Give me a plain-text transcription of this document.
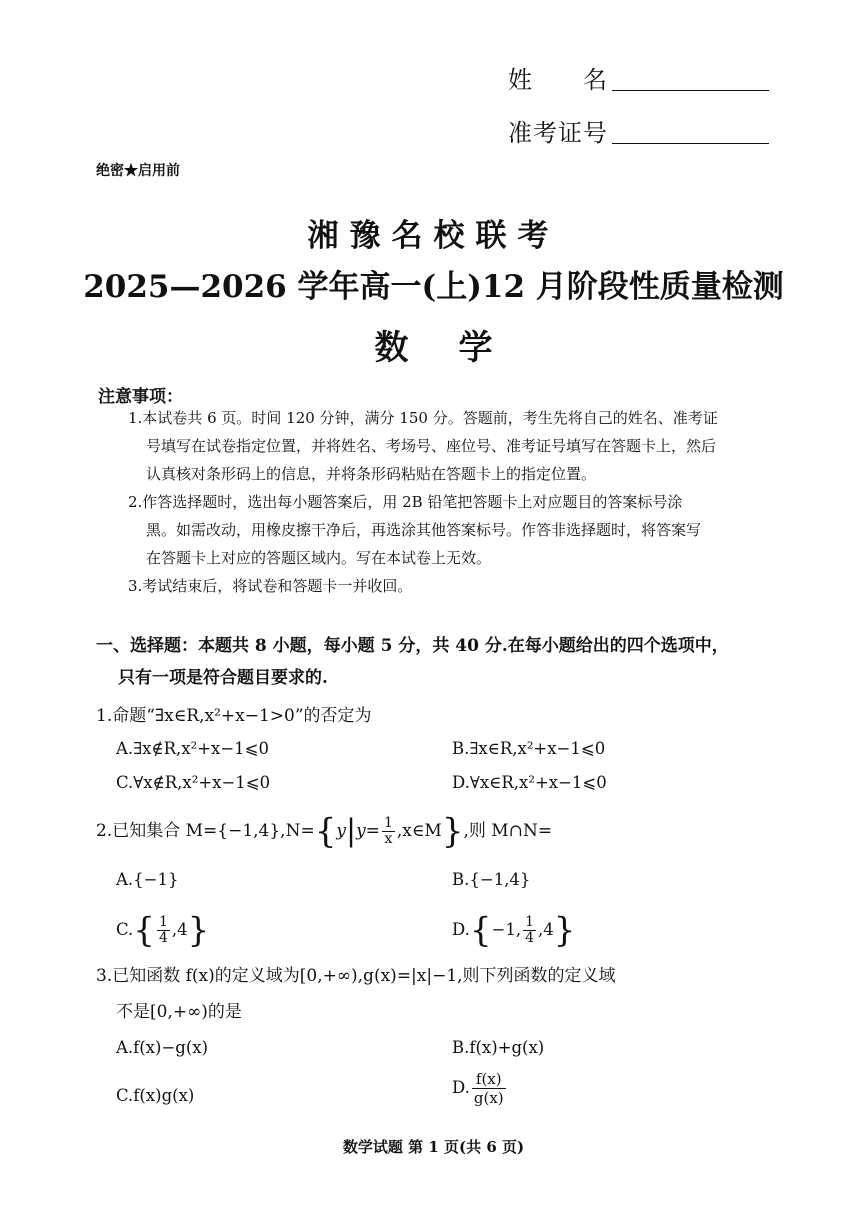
姓　　名
准考证号
绝密★启用前
湘豫名校联考
2025—2026 学年高一(上)12 月阶段性质量检测
数学
注意事项：
1.本试卷共 6 页。时间 120 分钟，满分 150 分。答题前，考生先将自己的姓名、准考证
号填写在试卷指定位置，并将姓名、考场号、座位号、准考证号填写在答题卡上，然后
认真核对条形码上的信息，并将条形码粘贴在答题卡上的指定位置。
2.作答选择题时，选出每小题答案后，用 2B 铅笔把答题卡上对应题目的答案标号涂
黑。如需改动，用橡皮擦干净后，再选涂其他答案标号。作答非选择题时，将答案写
在答题卡上对应的答题区域内。写在本试卷上无效。
3.考试结束后，将试卷和答题卡一并收回。
一、选择题：本题共 8 小题，每小题 5 分，共 40 分.在每小题给出的四个选项中，
只有一项是符合题目要求的.
1.命题“∃x∈R,x²+x−1>0”的否定为
A.∃x∉R,x²+x−1⩽0	B.∃x∈R,x²+x−1⩽0
C.∀x∉R,x²+x−1⩽0	D.∀x∈R,x²+x−1⩽0
2.已知集合 $M=\{-1,4\},N=\{y|y= \frac{1}{x}$ ,x∈M},则 M∩N=
A.{−1}	B.{−1,4}
$C.\{ \frac{1}{4} ,4\}$	D.{−1, $\frac{1}{4} ,4$}
3.已知函数 f(x)的定义域为[0,+∞),g(x)=|x|−1,则下列函数的定义域
不是[0,+∞)的是
A.f(x)−g(x)	B.f(x)+g(x)
C.f(x)g(x)	D. $\frac{f(x)}{g(x)}$
数学试题 第 1 页(共 6 页)
